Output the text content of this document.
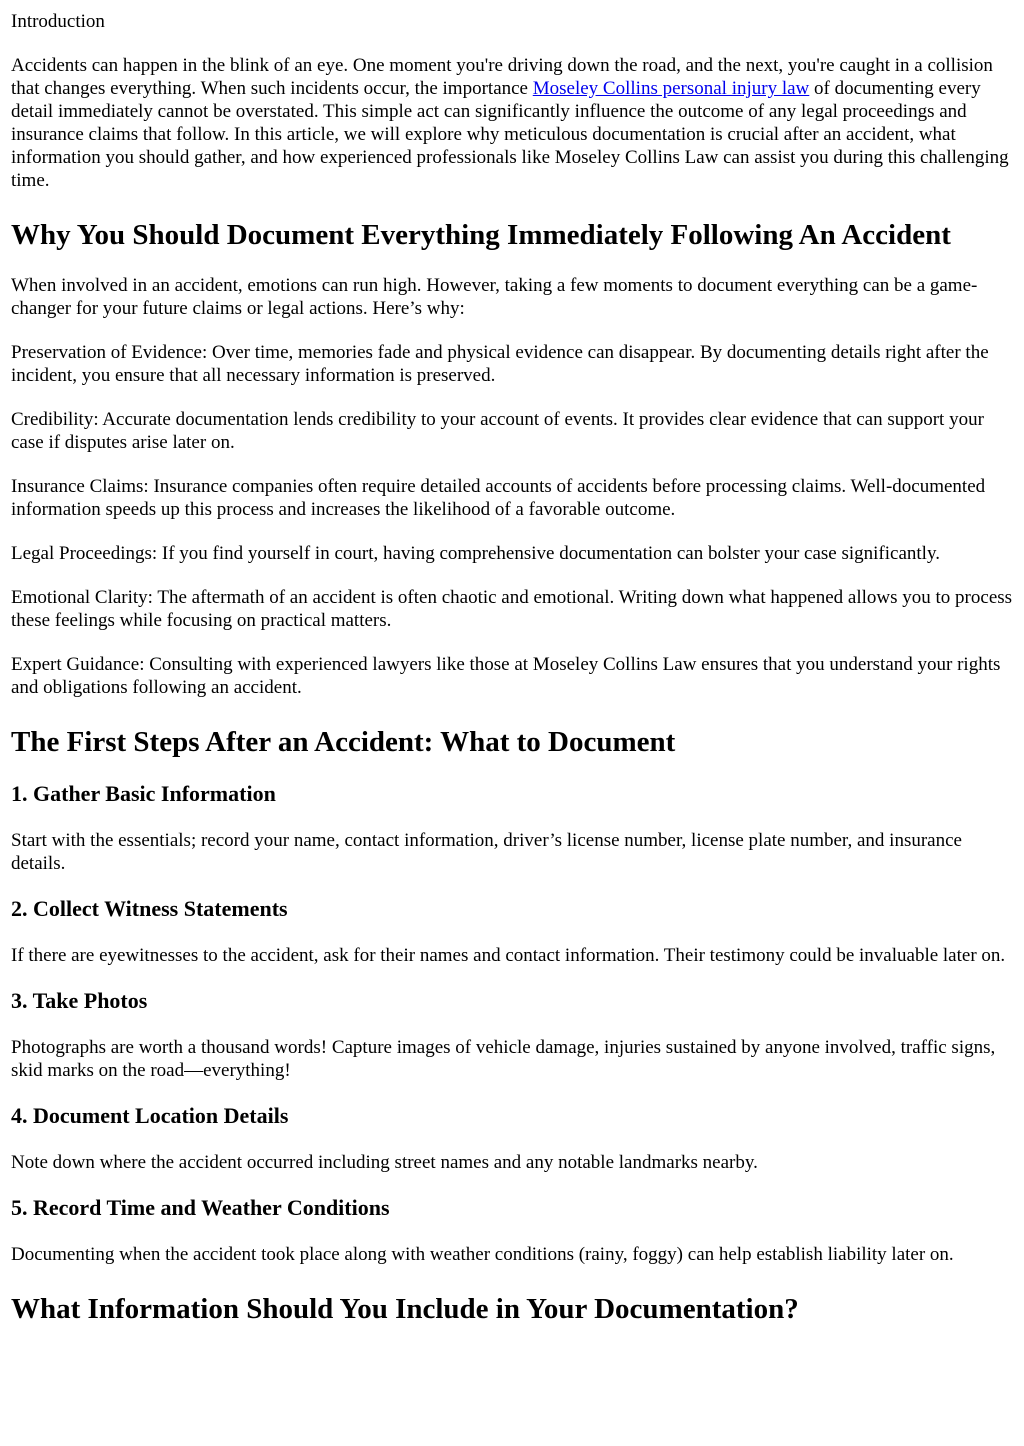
Introduction

Accidents can happen in the blink of an eye. One moment you're driving down the road, and the next, you're caught in a collision that changes everything. When such incidents occur, the importance Moseley Collins personal injury law of documenting every detail immediately cannot be overstated. This simple act can significantly influence the outcome of any legal proceedings and insurance claims that follow. In this article, we will explore why meticulous documentation is crucial after an accident, what information you should gather, and how experienced professionals like Moseley Collins Law can assist you during this challenging time.

Why You Should Document Everything Immediately Following An Accident

When involved in an accident, emotions can run high. However, taking a few moments to document everything can be a game-changer for your future claims or legal actions. Here’s why:

Preservation of Evidence: Over time, memories fade and physical evidence can disappear. By documenting details right after the incident, you ensure that all necessary information is preserved.

Credibility: Accurate documentation lends credibility to your account of events. It provides clear evidence that can support your case if disputes arise later on.

Insurance Claims: Insurance companies often require detailed accounts of accidents before processing claims. Well-documented information speeds up this process and increases the likelihood of a favorable outcome.

Legal Proceedings: If you find yourself in court, having comprehensive documentation can bolster your case significantly.

Emotional Clarity: The aftermath of an accident is often chaotic and emotional. Writing down what happened allows you to process these feelings while focusing on practical matters.

Expert Guidance: Consulting with experienced lawyers like those at Moseley Collins Law ensures that you understand your rights and obligations following an accident.

The First Steps After an Accident: What to Document
1. Gather Basic Information

Start with the essentials; record your name, contact information, driver’s license number, license plate number, and insurance details.

2. Collect Witness Statements

If there are eyewitnesses to the accident, ask for their names and contact information. Their testimony could be invaluable later on.

3. Take Photos

Photographs are worth a thousand words! Capture images of vehicle damage, injuries sustained by anyone involved, traffic signs, skid marks on the road—everything!

4. Document Location Details

Note down where the accident occurred including street names and any notable landmarks nearby.

5. Record Time and Weather Conditions

Documenting when the accident took place along with weather conditions (rainy, foggy) can help establish liability later on.

What Information Should You Include in Your Documentation?
